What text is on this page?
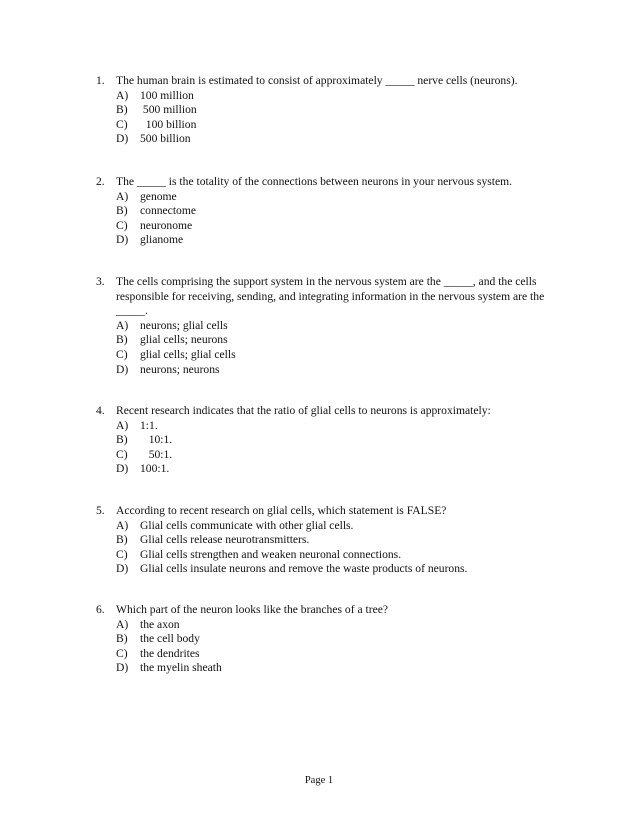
1. The human brain is estimated to consist of approximately _____ nerve cells (neurons).
A) 100 million
B) 500 million
C) 100 billion
D) 500 billion
2. The _____ is the totality of the connections between neurons in your nervous system.
A) genome
B) connectome
C) neuronome
D) glianome
3. The cells comprising the support system in the nervous system are the _____, and the cells responsible for receiving, sending, and integrating information in the nervous system are the _____.
A) neurons; glial cells
B) glial cells; neurons
C) glial cells; glial cells
D) neurons; neurons
4. Recent research indicates that the ratio of glial cells to neurons is approximately:
A) 1:1.
B) 10:1.
C) 50:1.
D) 100:1.
5. According to recent research on glial cells, which statement is FALSE?
A) Glial cells communicate with other glial cells.
B) Glial cells release neurotransmitters.
C) Glial cells strengthen and weaken neuronal connections.
D) Glial cells insulate neurons and remove the waste products of neurons.
6. Which part of the neuron looks like the branches of a tree?
A) the axon
B) the cell body
C) the dendrites
D) the myelin sheath
Page 1
